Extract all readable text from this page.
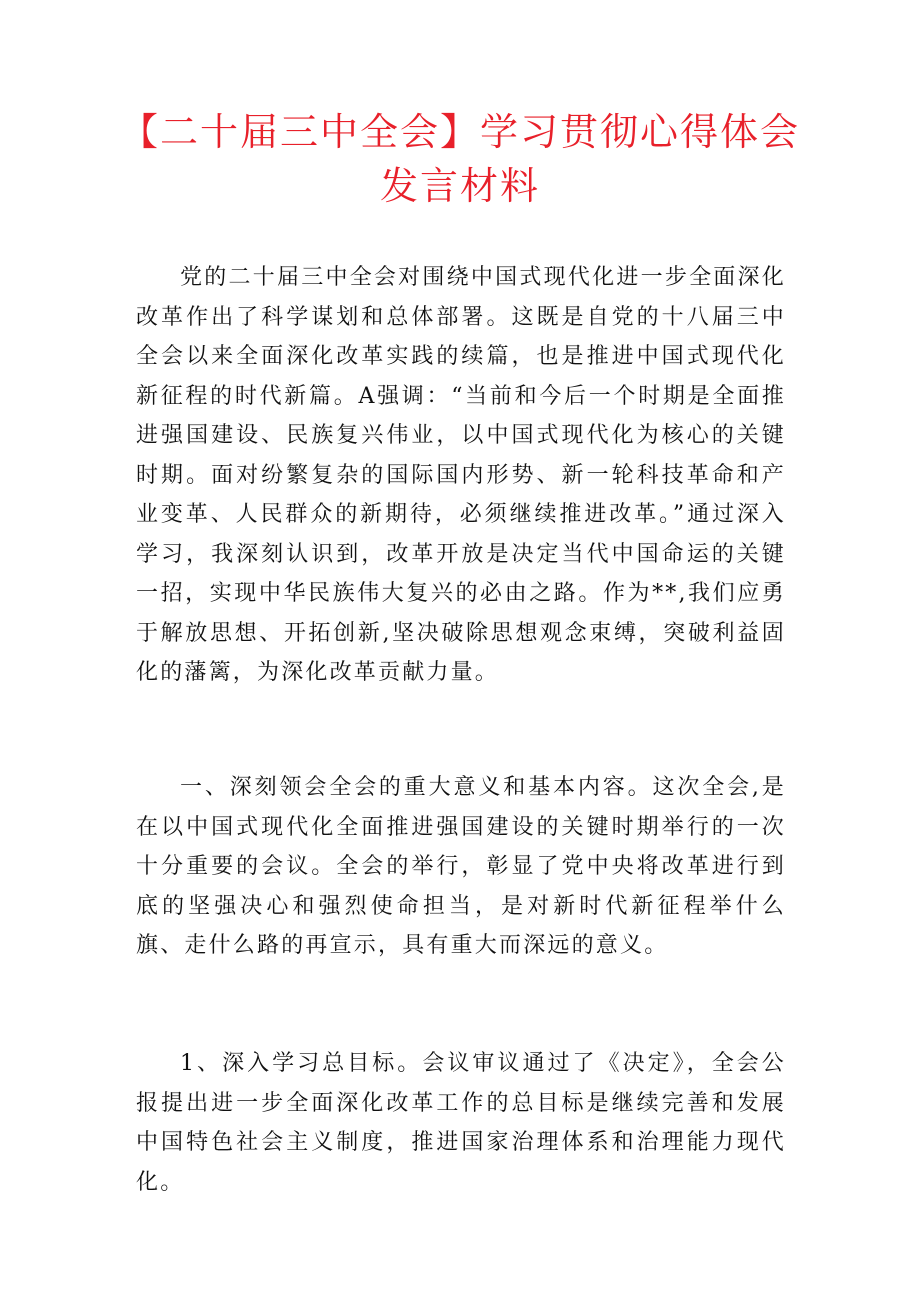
【二十届三中全会】学习贯彻心得体会
发言材料

党的二十届三中全会对围绕中国式现代化进一步全面深化改革作出了科学谋划和总体部署。这既是自党的十八届三中全会以来全面深化改革实践的续篇，也是推进中国式现代化新征程的时代新篇。A强调：“当前和今后一个时期是全面推进强国建设、民族复兴伟业，以中国式现代化为核心的关键时期。面对纷繁复杂的国际国内形势、新一轮科技革命和产业变革、人民群众的新期待，必须继续推进改革。”通过深入学习，我深刻认识到，改革开放是决定当代中国命运的关键一招，实现中华民族伟大复兴的必由之路。作为**,我们应勇于解放思想、开拓创新,坚决破除思想观念束缚，突破利益固化的藩篱，为深化改革贡献力量。

一、深刻领会全会的重大意义和基本内容。这次全会,是在以中国式现代化全面推进强国建设的关键时期举行的一次十分重要的会议。全会的举行，彰显了党中央将改革进行到底的坚强决心和强烈使命担当，是对新时代新征程举什么旗、走什么路的再宣示，具有重大而深远的意义。

1、深入学习总目标。会议审议通过了《决定》，全会公报提出进一步全面深化改革工作的总目标是继续完善和发展中国特色社会主义制度，推进国家治理体系和治理能力现代化。
